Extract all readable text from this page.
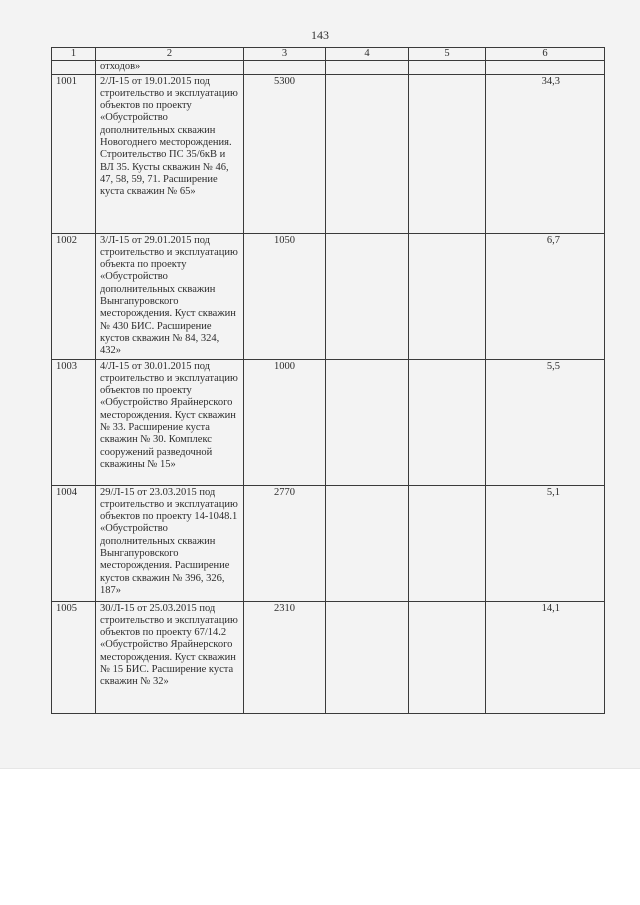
143
1	2	3	4	5	6
	отходов»				
1001	2/Л-15 от 19.01.2015 под строительство и эксплуатацию объектов по проекту «Обустройство дополнительных скважин Новогоднего месторождения. Строительство ПС 35/6кВ и ВЛ 35. Кусты скважин № 46, 47, 58, 59, 71. Расширение куста скважин № 65»	5300			34,3
1002	3/Л-15 от 29.01.2015 под строительство и эксплуатацию объекта по проекту «Обустройство дополнительных скважин Вынгапуровского месторождения. Куст скважин № 430 БИС. Расширение кустов скважин № 84, 324, 432»	1050			6,7
1003	4/Л-15 от 30.01.2015 под строительство и эксплуатацию объектов по проекту «Обустройство Ярайнерского месторождения. Куст скважин № 33. Расширение куста скважин № 30. Комплекс сооружений разведочной скважины № 15»	1000			5,5
1004	29/Л-15 от 23.03.2015 под строительство и эксплуатацию объектов по проекту 14-1048.1 «Обустройство дополнительных скважин Вынгапуровского месторождения. Расширение кустов скважин № 396, 326, 187»	2770			5,1
1005	30/Л-15 от 25.03.2015 под строительство и эксплуатацию объектов по проекту 67/14.2 «Обустройство Ярайнерского месторождения. Куст скважин № 15 БИС. Расширение куста скважин № 32»	2310			14,1
